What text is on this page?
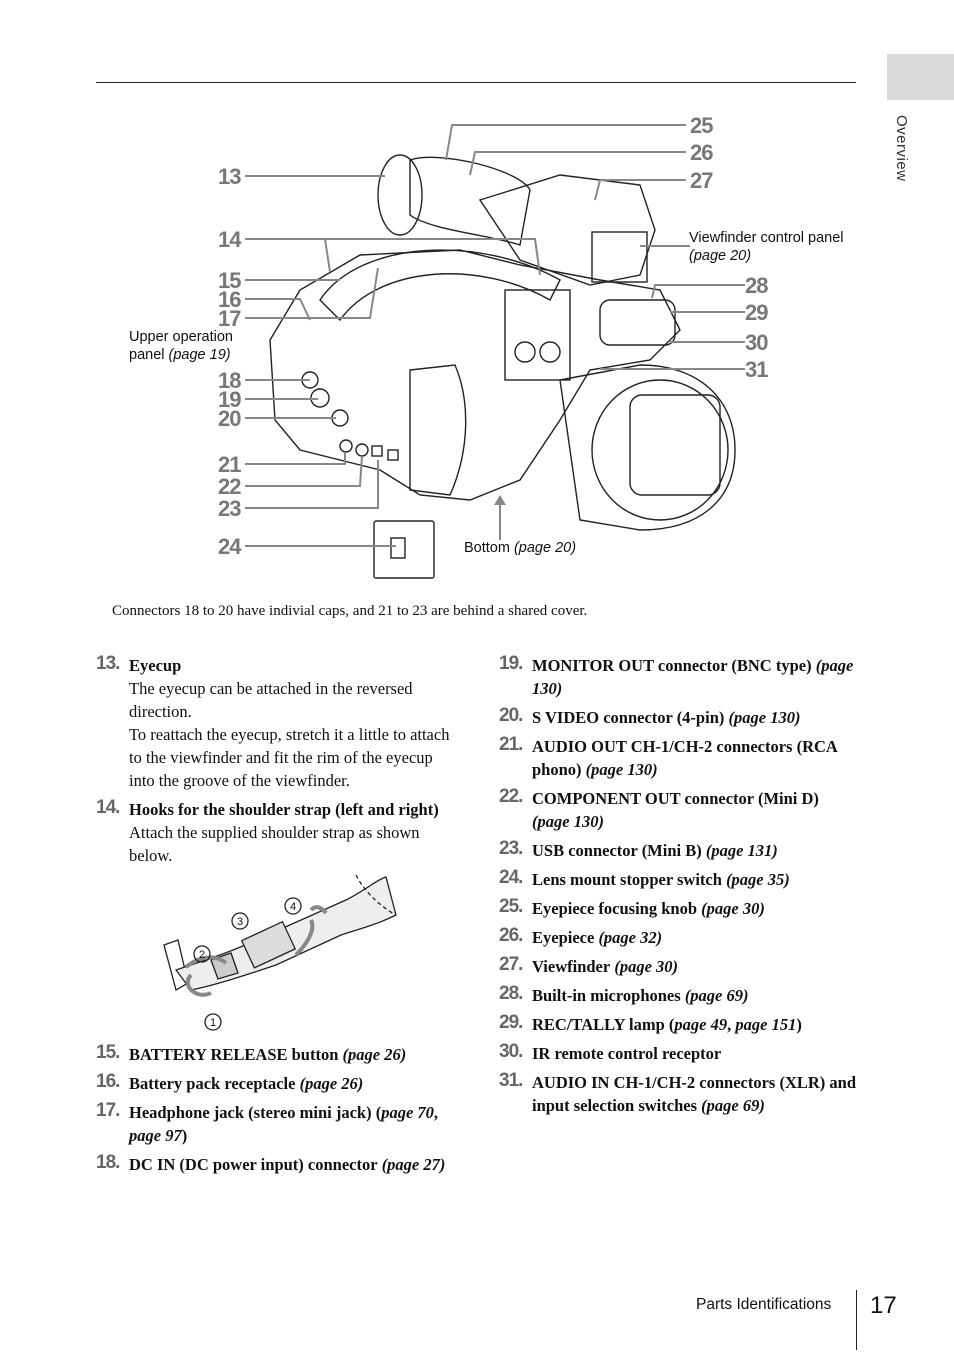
Overview
13
14
15
16
17
18
19
20
21
22
23
24
25
26
27
28
29
30
31
Viewfinder control panel
(page 20)
Upper operation panel (page 19)
Bottom (page 20)
Connectors 18 to 20 have indivial caps, and 21 to 23 are behind a shared cover.
13. Eyecup
The eyecup can be attached in the reversed direction.
To reattach the eyecup, stretch it a little to attach to the viewfinder and fit the rim of the eyecup into the groove of the viewfinder.
14. Hooks for the shoulder strap (left and right)
Attach the supplied shoulder strap as shown below.
1
2
3
4
15. BATTERY RELEASE button (page 26)
16. Battery pack receptacle (page 26)
17. Headphone jack (stereo mini jack) (page 70, page 97)
18. DC IN (DC power input) connector (page 27)
19. MONITOR OUT connector (BNC type) (page 130)
20. S VIDEO connector (4-pin) (page 130)
21. AUDIO OUT CH-1/CH-2 connectors (RCA phono) (page 130)
22. COMPONENT OUT connector (Mini D) (page 130)
23. USB connector (Mini B) (page 131)
24. Lens mount stopper switch (page 35)
25. Eyepiece focusing knob (page 30)
26. Eyepiece (page 32)
27. Viewfinder (page 30)
28. Built-in microphones (page 69)
29. REC/TALLY lamp (page 49, page 151)
30. IR remote control receptor
31. AUDIO IN CH-1/CH-2 connectors (XLR) and input selection switches (page 69)
Parts Identifications 17
